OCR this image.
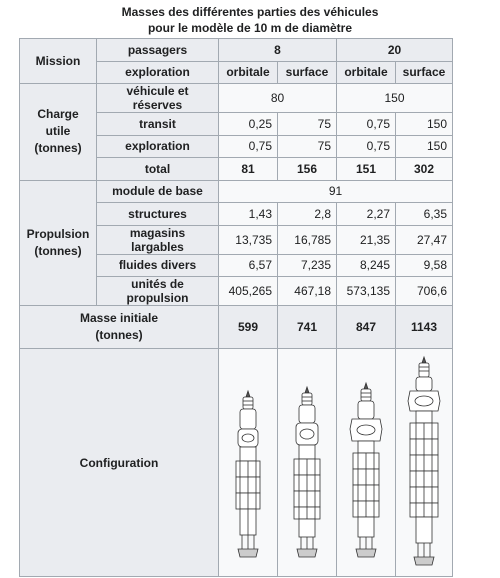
Masses des différentes parties des véhicules
pour le modèle de 10 m de diamètre
Mission	passagers	8		20	
	exploration	orbitale	surface	orbitale	surface
Charge utile
(tonnes)	véhicule et réserves	80		150	
	transit	0,25	75	0,75	150
	exploration	0,75	75	0,75	150
	total	81	156	151	302
Propulsion
(tonnes)	module de base	91			
	structures	1,43	2,8	2,27	6,35
	magasins largables	13,735	16,785	21,35	27,47
	fluides divers	6,57	7,235	8,245	9,58
	unités de propulsion	405,265	467,18	573,135	706,6
Masse initiale
(tonnes)		599	741	847	1143
Configuration	
